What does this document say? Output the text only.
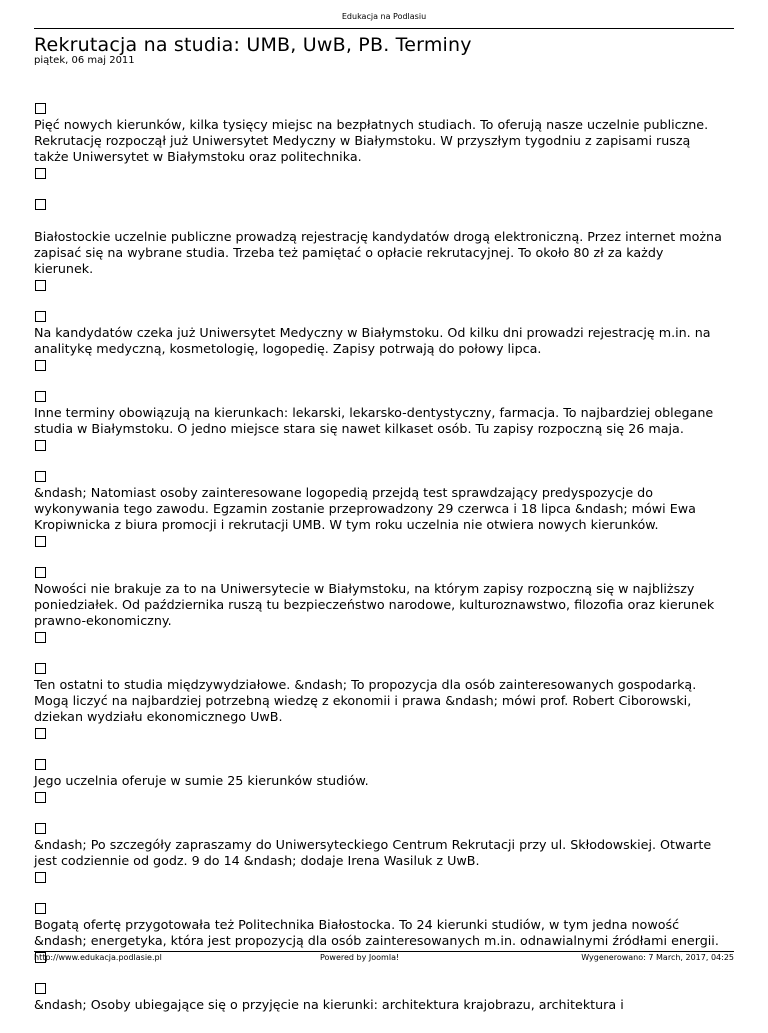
Edukacja na Podlasiu
Rekrutacja na studia: UMB, UwB, PB. Terminy
piątek, 06 maj 2011
Pięć nowych kierunków, kilka tysięcy miejsc na bezpłatnych studiach. To oferują nasze uczelnie publiczne. Rekrutację rozpoczął już Uniwersytet Medyczny w Białymstoku. W przyszłym tygodniu z zapisami ruszą także Uniwersytet w Białymstoku oraz politechnika.
Białostockie uczelnie publiczne prowadzą rejestrację kandydatów drogą elektroniczną. Przez internet można zapisać się na wybrane studia. Trzeba też pamiętać o opłacie rekrutacyjnej. To około 80 zł za każdy kierunek.
Na kandydatów czeka już Uniwersytet Medyczny w Białymstoku. Od kilku dni prowadzi rejestrację m.in. na analitykę medyczną, kosmetologię, logopedię. Zapisy potrwają do połowy lipca.
Inne terminy obowiązują na kierunkach: lekarski, lekarsko-dentystyczny, farmacja. To najbardziej oblegane studia w Białymstoku. O jedno miejsce stara się nawet kilkaset osób. Tu zapisy rozpoczną się 26 maja.
&ndash; Natomiast osoby zainteresowane logopedią przejdą test sprawdzający predyspozycje do wykonywania tego zawodu. Egzamin zostanie przeprowadzony 29 czerwca i 18 lipca &ndash; mówi Ewa Kropiwnicka z biura promocji i rekrutacji UMB. W tym roku uczelnia nie otwiera nowych kierunków.
Nowości nie brakuje za to na Uniwersytecie w Białymstoku, na którym zapisy rozpoczną się w najbliższy poniedziałek. Od października ruszą tu bezpieczeństwo narodowe, kulturoznawstwo, filozofia oraz kierunek prawno-ekonomiczny.
Ten ostatni to studia międzywydziałowe. &ndash; To propozycja dla osób zainteresowanych gospodarką. Mogą liczyć na najbardziej potrzebną wiedzę z ekonomii i prawa &ndash; mówi prof. Robert Ciborowski, dziekan wydziału ekonomicznego UwB.
Jego uczelnia oferuje w sumie 25 kierunków studiów.
&ndash; Po szczegóły zapraszamy do Uniwersyteckiego Centrum Rekrutacji przy ul. Skłodowskiej. Otwarte jest codziennie od godz. 9 do 14 &ndash; dodaje Irena Wasiluk z UwB.
Bogatą ofertę przygotowała też Politechnika Białostocka. To 24 kierunki studiów, w tym jedna nowość &ndash; energetyka, która jest propozycją dla osób zainteresowanych m.in. odnawialnymi źródłami energii.
&ndash; Osoby ubiegające się o przyjęcie na kierunki: architektura krajobrazu, architektura i
http://www.edukacja.podlasie.pl	Powered by Joomla!	Wygenerowano: 7 March, 2017, 04:25
